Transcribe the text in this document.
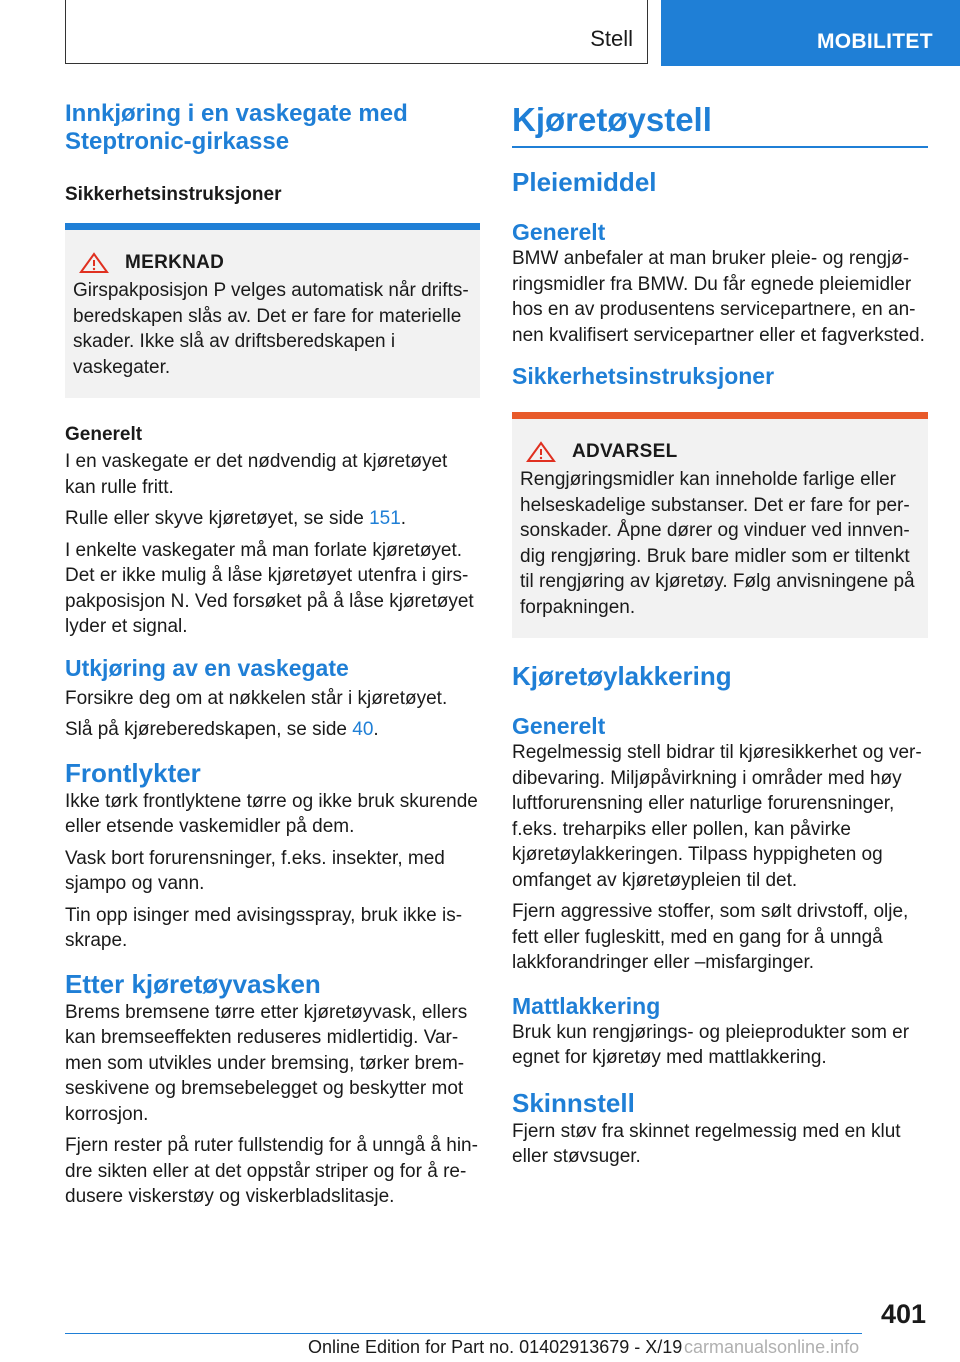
Stell	MOBILITET
Innkjøring i en vaskegate med Steptronic-girkasse
Sikkerhetsinstruksjoner
MERKNAD

Girspakposisjon P velges automatisk når driftsberedskapen slås av. Det er fare for materielle skader. Ikke slå av driftsberedskapen i vaskegater.

Generelt

I en vaskegate er det nødvendig at kjøretøyet kan rulle fritt.

Rulle eller skyve kjøretøyet, se side 151.

I enkelte vaskegater må man forlate kjøretøyet. Det er ikke mulig å låse kjøretøyet utenfra i girspakposisjon N. Ved forsøket på å låse kjøretøyet lyder et signal.

Utkjøring av en vaskegate

Forsikre deg om at nøkkelen står i kjøretøyet.

Slå på kjøreberedskapen, se side 40.

Frontlykter

Ikke tørk frontlyktene tørre og ikke bruk skurende eller etsende vaskemidler på dem.

Vask bort forurensninger, f.eks. insekter, med sjampo og vann.

Tin opp isinger med avisingsspray, bruk ikke isskrape.

Etter kjøretøyvasken

Brems bremsene tørre etter kjøretøyvask, ellers kan bremseeffekten reduseres midlertidig. Varmen som utvikles under bremsing, tørker bremseskivene og bremsebelegget og beskytter mot korrosjon.

Fjern rester på ruter fullstendig for å unngå å hindre sikten eller at det oppstår striper og for å redusere viskerstøy og viskerbladslitasje.

Kjøretøystell
Pleiemiddel
Generelt

BMW anbefaler at man bruker pleie- og rengjøringsmidler fra BMW. Du får egnede pleiemidler hos en av produsentens servicepartnere, en annen kvalifisert servicepartner eller et fagverksted.

Sikkerhetsinstruksjoner
ADVARSEL

Rengjøringsmidler kan inneholde farlige eller helseskadelige substanser. Det er fare for personskader. Åpne dører og vinduer ved innvendig rengjøring. Bruk bare midler som er tiltenkt til rengjøring av kjøretøy. Følg anvisningene på forpakningen.

Kjøretøylakkering
Generelt

Regelmessig stell bidrar til kjøresikkerhet og verdibevaring. Miljøpåvirkning i områder med høy luftforurensning eller naturlige forurensninger, f.eks. treharpiks eller pollen, kan påvirke kjøretøylakkeringen. Tilpass hyppigheten og omfanget av kjøretøypleien til det.

Fjern aggressive stoffer, som sølt drivstoff, olje, fett eller fugleskitt, med en gang for å unngå lakkforandringer eller –misfarginger.

Mattlakkering

Bruk kun rengjørings- og pleieprodukter som er egnet for kjøretøy med mattlakkering.

Skinnstell

Fjern støv fra skinnet regelmessig med en klut eller støvsuger.

401
Online Edition for Part no. 01402913679 - X/19 carmanualsonline.info
